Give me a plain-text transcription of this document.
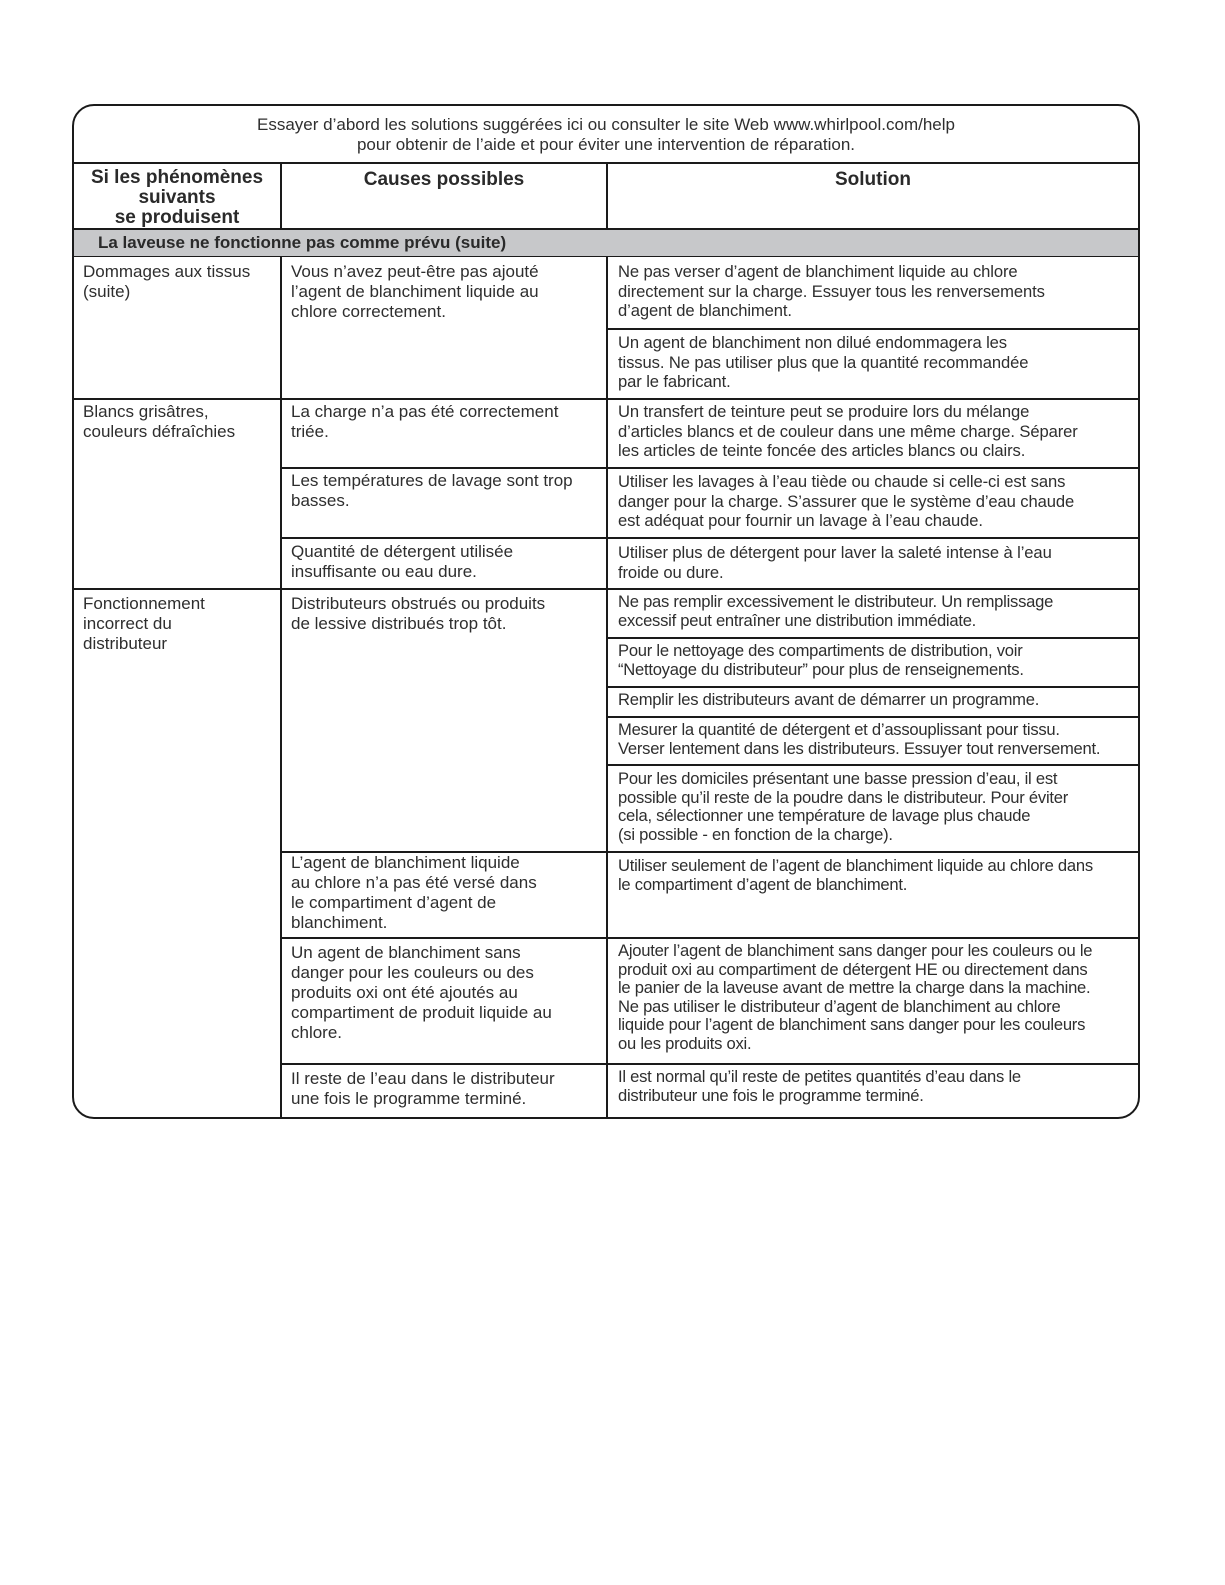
Essayer d’abord les solutions suggérées ici ou consulter le site Web www.whirlpool.com/help
pour obtenir de l’aide et pour éviter une intervention de réparation.
Si les phénomènes
suivants
se produisent
Causes possibles	Solution
La laveuse ne fonctionne pas comme prévu (suite)
Dommages aux tissus
(suite)
Blancs grisâtres,
couleurs défraîchies
Fonctionnement
incorrect du
distributeur
Vous n’avez peut-être pas ajouté
l’agent de blanchiment liquide au
chlore correctement.
La charge n’a pas été correctement
triée.
Les températures de lavage sont trop
basses.
Quantité de détergent utilisée
insuffisante ou eau dure.
Distributeurs obstrués ou produits
de lessive distribués trop tôt.
L’agent de blanchiment liquide
au chlore n’a pas été versé dans
le compartiment d’agent de
blanchiment.
Un agent de blanchiment sans
danger pour les couleurs ou des
produits oxi ont été ajoutés au
compartiment de produit liquide au
chlore.
Il reste de l’eau dans le distributeur
une fois le programme terminé.
Ne pas verser d’agent de blanchiment liquide au chlore
directement sur la charge. Essuyer tous les renversements
d’agent de blanchiment.
Un agent de blanchiment non dilué endommagera les
tissus. Ne pas utiliser plus que la quantité recommandée
par le fabricant.
Un transfert de teinture peut se produire lors du mélange
d’articles blancs et de couleur dans une même charge. Séparer
les articles de teinte foncée des articles blancs ou clairs.
Utiliser les lavages à l’eau tiède ou chaude si celle-ci est sans
danger pour la charge. S’assurer que le système d’eau chaude
est adéquat pour fournir un lavage à l’eau chaude.
Utiliser plus de détergent pour laver la saleté intense à l’eau
froide ou dure.
Ne pas remplir excessivement le distributeur. Un remplissage
excessif peut entraîner une distribution immédiate.
Pour le nettoyage des compartiments de distribution, voir
“Nettoyage du distributeur” pour plus de renseignements.
Remplir les distributeurs avant de démarrer un programme.
Mesurer la quantité de détergent et d’assouplissant pour tissu.
Verser lentement dans les distributeurs. Essuyer tout renversement.
Pour les domiciles présentant une basse pression d’eau, il est
possible qu’il reste de la poudre dans le distributeur. Pour éviter
cela, sélectionner une température de lavage plus chaude
(si possible - en fonction de la charge).
Utiliser seulement de l’agent de blanchiment liquide au chlore dans
le compartiment d’agent de blanchiment.
Ajouter l’agent de blanchiment sans danger pour les couleurs ou le
produit oxi au compartiment de détergent HE ou directement dans
le panier de la laveuse avant de mettre la charge dans la machine.
Ne pas utiliser le distributeur d’agent de blanchiment au chlore
liquide pour l’agent de blanchiment sans danger pour les couleurs
ou les produits oxi.
Il est normal qu’il reste de petites quantités d’eau dans le
distributeur une fois le programme terminé.
